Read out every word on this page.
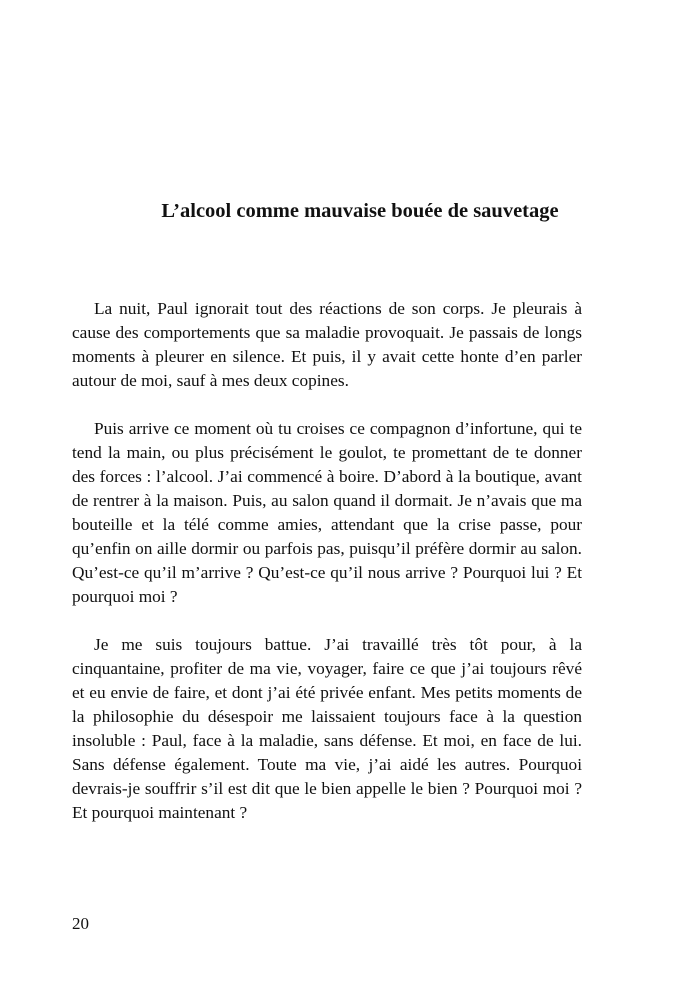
L’alcool comme mauvaise bouée de sauvetage

La nuit, Paul ignorait tout des réactions de son corps. Je pleurais à cause des comportements que sa maladie provoquait. Je passais de longs moments à pleurer en silence. Et puis, il y avait cette honte d’en parler autour de moi, sauf à mes deux copines.

Puis arrive ce moment où tu croises ce compagnon d’infortune, qui te tend la main, ou plus précisément le goulot, te promettant de te donner des forces : l’alcool. J’ai commencé à boire. D’abord à la boutique, avant de rentrer à la maison. Puis, au salon quand il dormait. Je n’avais que ma bouteille et la télé comme amies, attendant que la crise passe, pour qu’enfin on aille dormir ou parfois pas, puisqu’il préfère dormir au salon. Qu’est-ce qu’il m’arrive ? Qu’est-ce qu’il nous arrive ? Pourquoi lui ? Et pourquoi moi ?

Je me suis toujours battue. J’ai travaillé très tôt pour, à la cinquantaine, profiter de ma vie, voyager, faire ce que j’ai toujours rêvé et eu envie de faire, et dont j’ai été privée enfant. Mes petits moments de la philosophie du désespoir me laissaient toujours face à la question insoluble : Paul, face à la maladie, sans défense. Et moi, en face de lui. Sans défense également. Toute ma vie, j’ai aidé les autres. Pourquoi devrais-je souffrir s’il est dit que le bien appelle le bien ? Pourquoi moi ? Et pourquoi maintenant ?

20
